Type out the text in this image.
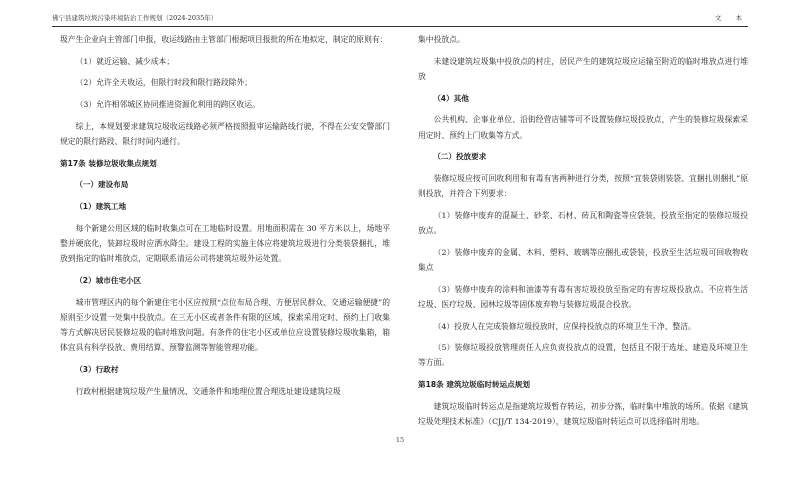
佛宁县建筑垃圾污染环境防治工作规划（2024-2035年）	文 本
圾产生企业向主管部门申报，收运线路由主管部门根据项目报批的所在地拟定，制定的原则有：
（1）就近运输、减少成本；
（2）允许全天收运，但限行时段和限行路段除外；
（3）允许相邻城区协同推进资源化利用的跨区收运。
综上，本规划要求建筑垃圾收运线路必须严格按照报审运输路线行驶，不得在公安交警部门规定的限行路段、限行时间内通行。
第17条 装修垃圾收集点规划
（一）建设布局
（1）建筑工地
每个新建公用区域的临时收集点可在工地临时设置。用地面积需在 30 平方米以上，场地平整并硬底化，装卸垃圾时应洒水降尘。建设工程的实施主体应将建筑垃圾进行分类装袋捆扎，堆放到指定的临时堆放点，定期联系清运公司将建筑垃圾外运处置。
（2）城市住宅小区
城市管理区内的每个新建住宅小区应按照“点位布局合理、方便居民群众、交通运输便捷”的原则至少设置一处集中投放点。在三无小区或者条件有限的区域，探索采用定时、预约上门收集等方式解决居民装修垃圾的临时堆放问题。有条件的住宅小区或单位应设置装修垃圾收集箱，箱体宜具有科学投放、费用结算、预警监测等智能管理功能。
（3）行政村
行政村根据建筑垃圾产生量情况、交通条件和地理位置合理选址建设建筑垃圾
集中投放点。
未建设建筑垃圾集中投放点的村庄，居民产生的建筑垃圾应运输至附近的临时堆放点进行堆放
（4）其他
公共机构、企事业单位、沿街经营店铺等可不设置装修垃圾投放点，产生的装修垃圾探索采用定时、预约上门收集等方式。
（二）投放要求
装修垃圾应按可回收利用和有毒有害两种进行分类，按照“宜装袋则装袋、宜捆扎则捆扎”原则投放，并符合下列要求：
（1）装修中废弃的混凝土、砂浆、石材、砖瓦和陶瓷等应袋装，投放至指定的装修垃圾投放点。
（2）装修中废弃的金属、木料、塑料、玻璃等应捆扎或袋装，投放至生活垃圾可回收物收集点
（3）装修中废弃的涂料和油漆等有毒有害垃圾投放至指定的有害垃圾投放点。不应将生活垃圾、医疗垃圾、园林垃圾等固体废弃物与装修垃圾混合投放。
（4）投放人在完成装修垃圾投放时，应保持投放点的环境卫生干净、整洁。
（5）装修垃圾投放管理责任人应负责投放点的设置，包括且不限于选址、建造及环境卫生等方面。
第18条 建筑垃圾临时转运点规划
建筑垃圾临时转运点是指建筑垃圾暂存转运，初步分拣，临时集中堆放的场所。依据《建筑垃圾处理技术标准》（CJJ/T 134-2019），建筑垃圾临时转运点可以选择临时用地。
15
